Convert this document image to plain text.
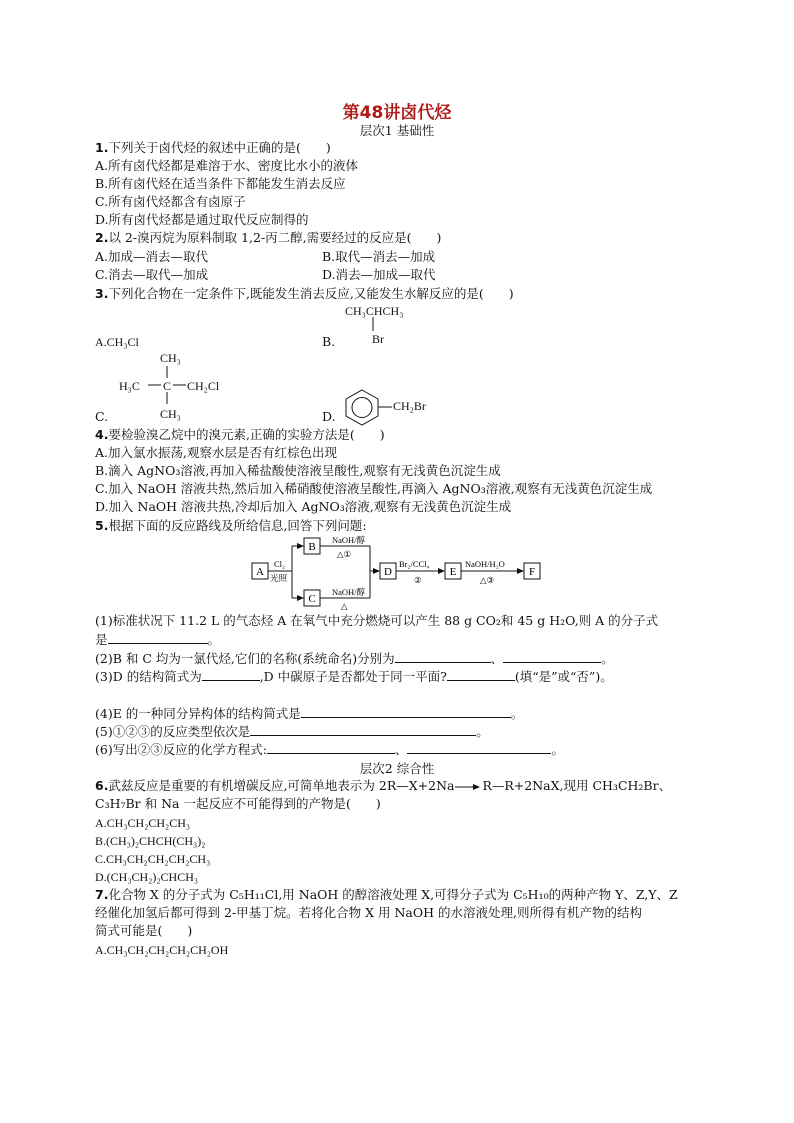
第48讲卤代烃
层次1 基础性
1.下列关于卤代烃的叙述中正确的是(　　)
A.所有卤代烃都是难溶于水、密度比水小的液体
B.所有卤代烃在适当条件下都能发生消去反应
C.所有卤代烃都含有卤原子
D.所有卤代烃都是通过取代反应制得的
2.以 2-溴丙烷为原料制取 1,2-丙二醇,需要经过的反应是(　　)
A.加成—消去—取代	B.取代—消去—加成
C.消去—取代—加成	D.消去—加成—取代
3.下列化合物在一定条件下,既能发生消去反应,又能发生水解反应的是(　　)
A.CH₃Cl	B.
CH₃CHCH₃
Br
C.
CH₃
H₃C C CH₂Cl
CH₃	D.
CH₂Br
4.要检验溴乙烷中的溴元素,正确的实验方法是(　　)
A.加入氯水振荡,观察水层是否有红棕色出现
B.滴入 AgNO₃溶液,再加入稀盐酸使溶液呈酸性,观察有无浅黄色沉淀生成
C.加入 NaOH 溶液共热,然后加入稀硝酸使溶液呈酸性,再滴入 AgNO₃溶液,观察有无浅黄色沉淀生成
D.加入 NaOH 溶液共热,冷却后加入 AgNO₃溶液,观察有无浅黄色沉淀生成
5.根据下面的反应路线及所给信息,回答下列问题:
A
B
C
D	E	F
Cl₂
光照
NaOH/醇
△①
NaOH/醇
△
Br₂/CCl₄
②
NaOH/H₂O
△③
(1)标准状况下 11.2 L 的气态烃 A 在氧气中充分燃烧可以产生 88 g CO₂和 45 g H₂O,则 A 的分子式
是	。
(2)B 和 C 均为一氯代烃,它们的名称(系统命名)分别为	、	。
(3)D 的结构简式为	,D 中碳原子是否都处于同一平面?	(填“是”或“否”)。
(4)E 的一种同分异构体的结构简式是	。
(5)①②③的反应类型依次是	。
(6)写出②③反应的化学方程式:	、	。
层次2 综合性
6.武兹反应是重要的有机增碳反应,可简单地表示为 2R—X+2Na R—R+2NaX,现用 CH₃CH₂Br、
C₃H₇Br 和 Na 一起反应不可能得到的产物是(　　)
A.CH₃CH₂CH₂CH₃
B.(CH₃)₂CHCH(CH₃)₂
C.CH₃CH₂CH₂CH₂CH₃
D.(CH₃CH₂)₂CHCH₃
7.化合物 X 的分子式为 C₅H₁₁Cl,用 NaOH 的醇溶液处理 X,可得分子式为 C₅H₁₀的两种产物 Y、Z,Y、Z
经催化加氢后都可得到 2-甲基丁烷。若将化合物 X 用 NaOH 的水溶液处理,则所得有机产物的结构
简式可能是(　　)
A.CH₃CH₂CH₂CH₂CH₂OH
